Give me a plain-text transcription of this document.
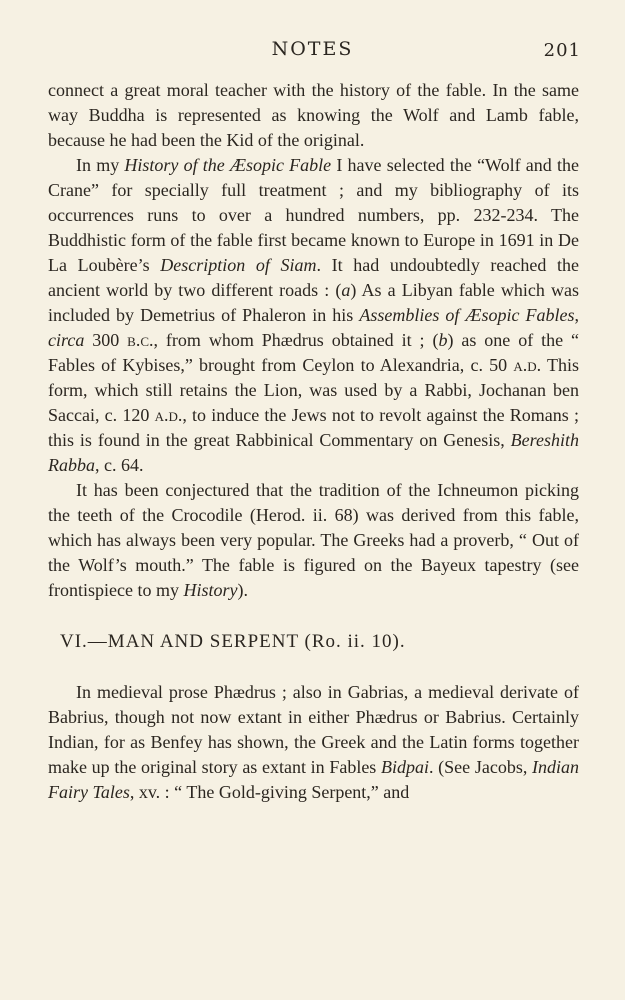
NOTES	201

connect a great moral teacher with the history of the fable. In the same way Buddha is represented as knowing the Wolf and Lamb fable, because he had been the Kid of the original.

In my History of the Æsopic Fable I have selected the “Wolf and the Crane” for specially full treatment ; and my bibliography of its occurrences runs to over a hundred numbers, pp. 232-234. The Buddhistic form of the fable first became known to Europe in 1691 in De La Loubère’s Description of Siam. It had undoubtedly reached the ancient world by two different roads : (a) As a Libyan fable which was included by Demetrius of Phaleron in his Assemblies of Æsopic Fables, circa 300 b.c., from whom Phædrus obtained it ; (b) as one of the “ Fables of Kybises,” brought from Ceylon to Alexandria, c. 50 a.d. This form, which still retains the Lion, was used by a Rabbi, Jochanan ben Saccai, c. 120 a.d., to induce the Jews not to revolt against the Romans ; this is found in the great Rabbinical Commentary on Genesis, Bereshith Rabba, c. 64.

It has been conjectured that the tradition of the Ichneumon picking the teeth of the Crocodile (Herod. ii. 68) was derived from this fable, which has always been very popular. The Greeks had a proverb, “ Out of the Wolf’s mouth.” The fable is figured on the Bayeux tapestry (see frontispiece to my History).

VI.—MAN AND SERPENT (Ro. ii. 10).

In medieval prose Phædrus ; also in Gabrias, a medieval derivate of Babrius, though not now extant in either Phædrus or Babrius. Certainly Indian, for as Benfey has shown, the Greek and the Latin forms together make up the original story as extant in Fables Bidpai. (See Jacobs, Indian Fairy Tales, xv. : “ The Gold-giving Serpent,” and
